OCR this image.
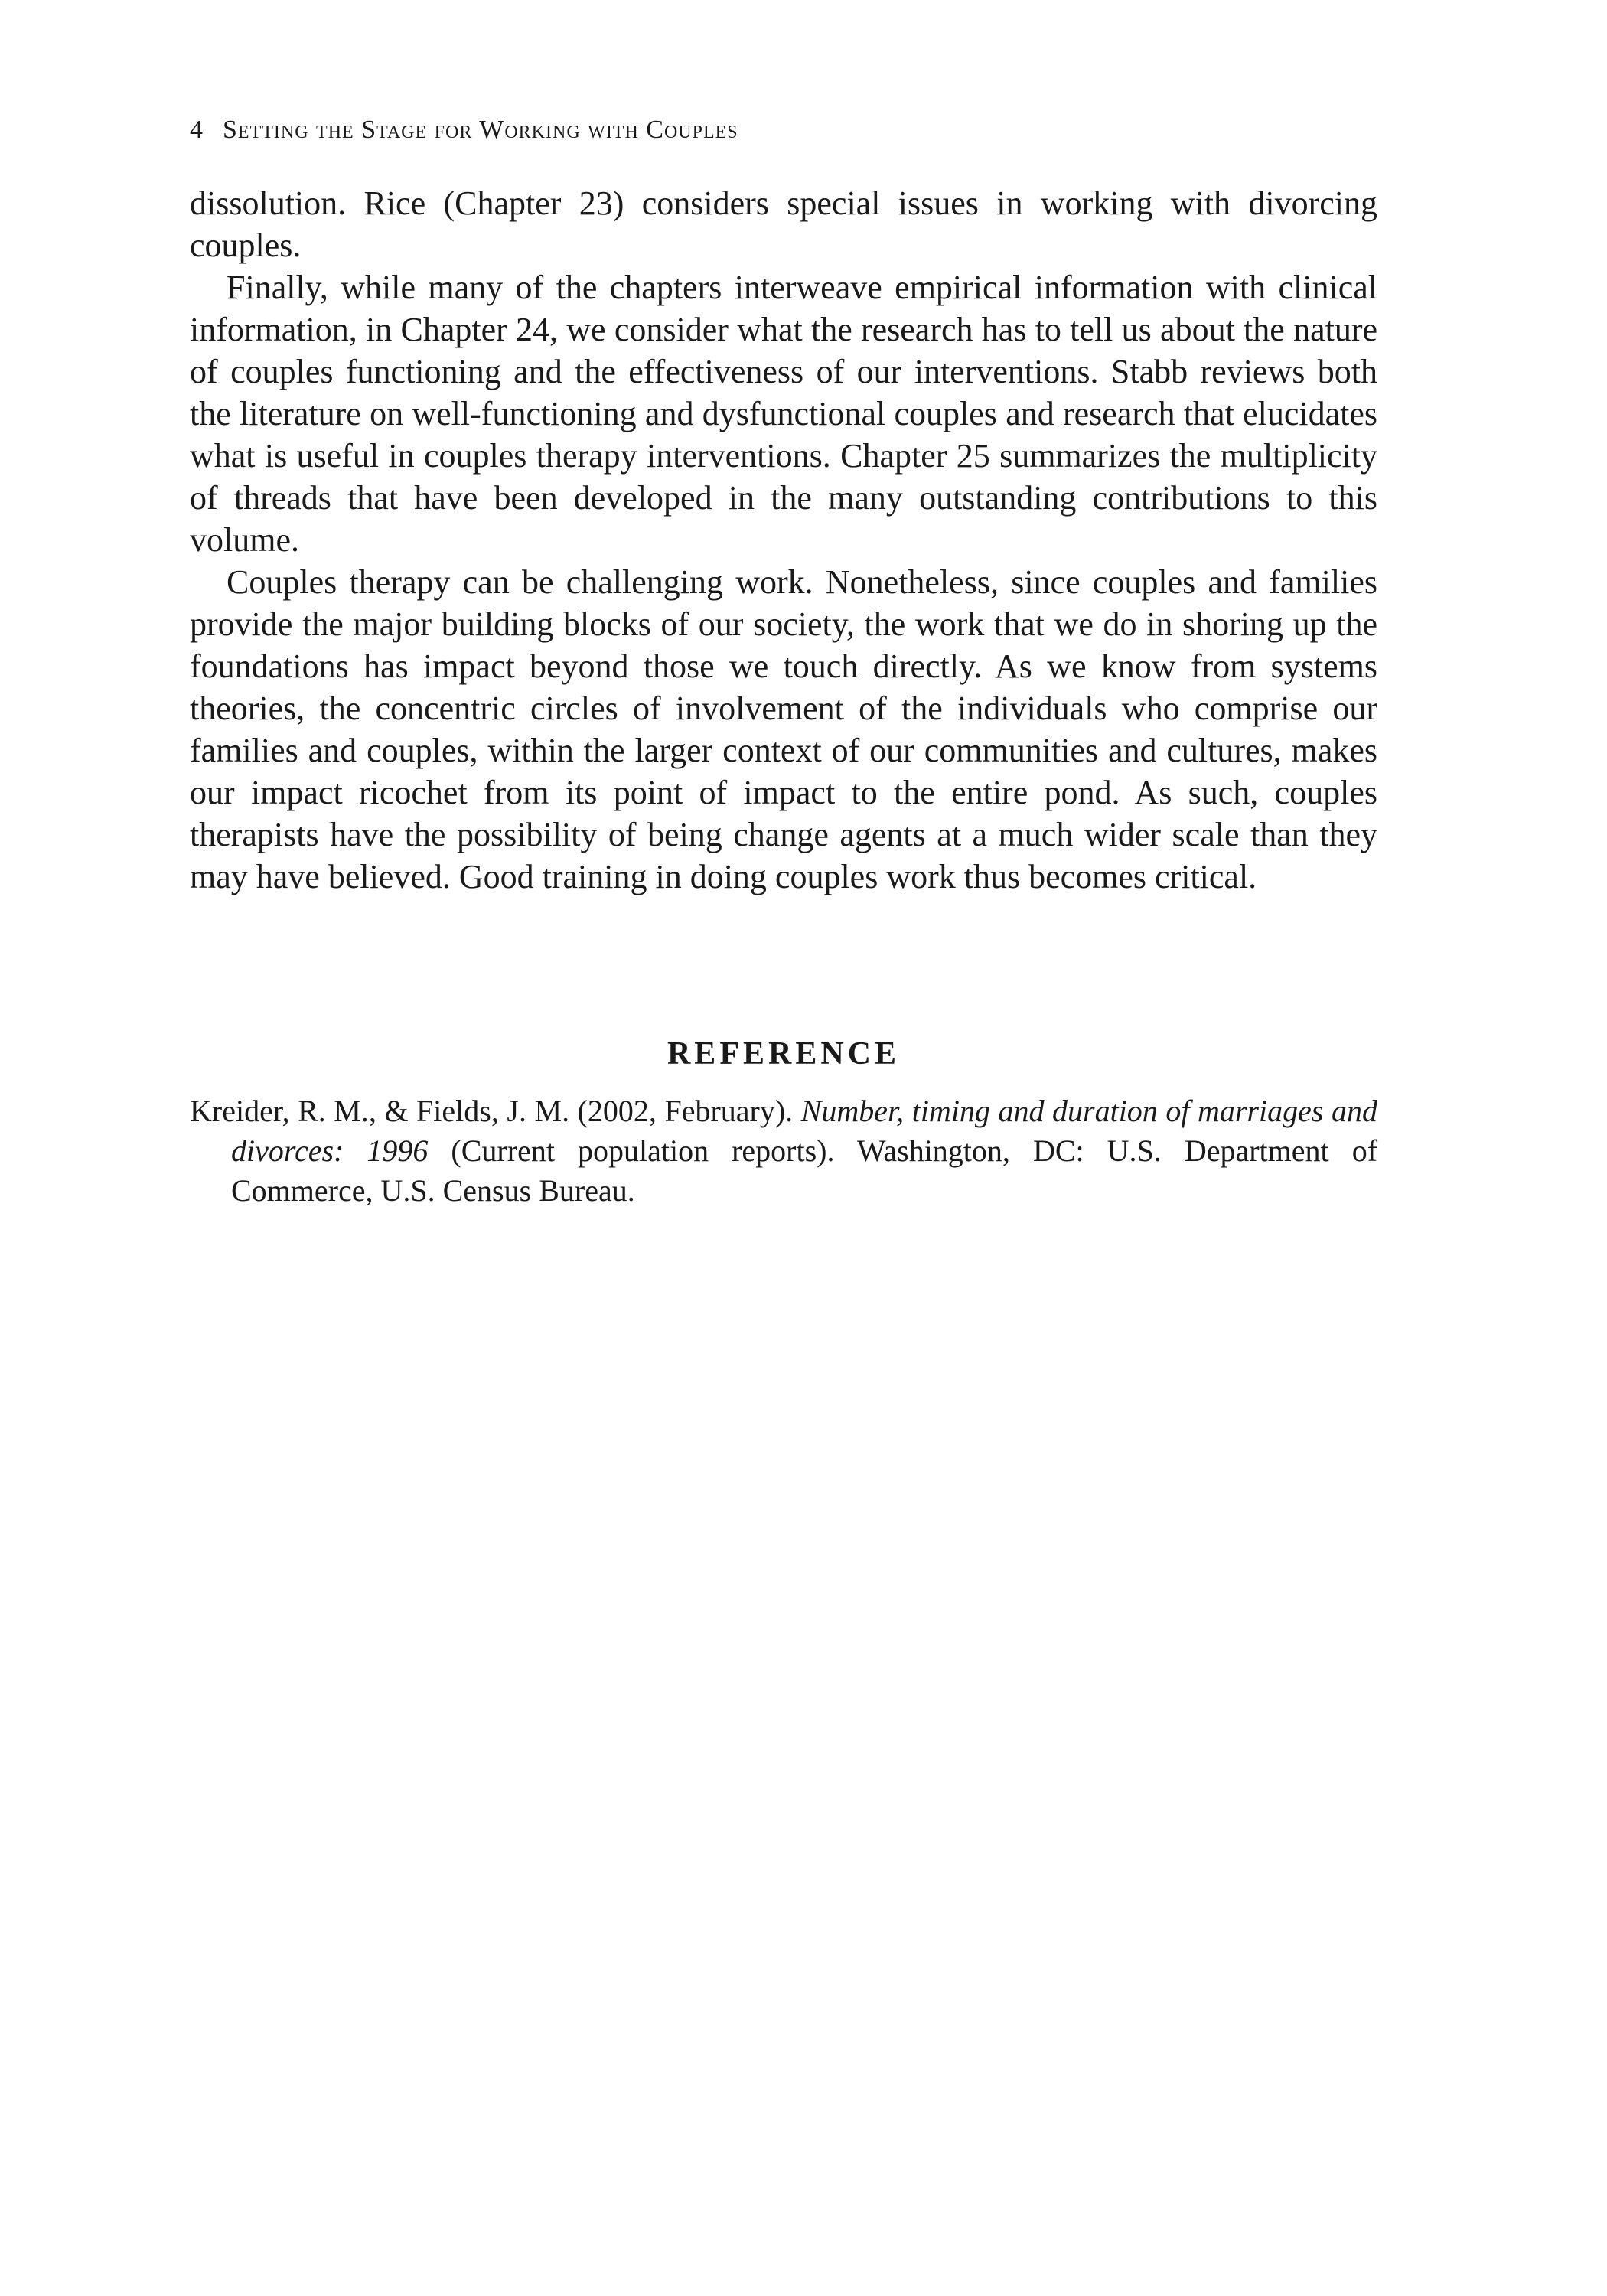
4 Setting the Stage for Working with Couples

dissolution. Rice (Chapter 23) considers special issues in working with divorcing couples.

Finally, while many of the chapters interweave empirical information with clinical information, in Chapter 24, we consider what the research has to tell us about the nature of couples functioning and the effectiveness of our interventions. Stabb reviews both the literature on well-functioning and dysfunctional couples and research that elucidates what is useful in couples therapy interventions. Chapter 25 summarizes the multiplicity of threads that have been developed in the many outstanding contributions to this volume.

Couples therapy can be challenging work. Nonetheless, since couples and families provide the major building blocks of our society, the work that we do in shoring up the foundations has impact beyond those we touch directly. As we know from systems theories, the concentric circles of involvement of the individuals who comprise our families and couples, within the larger context of our communities and cultures, makes our impact ricochet from its point of impact to the entire pond. As such, couples therapists have the possibility of being change agents at a much wider scale than they may have believed. Good training in doing couples work thus becomes critical.

REFERENCE

Kreider, R. M., & Fields, J. M. (2002, February). Number, timing and duration of marriages and divorces: 1996 (Current population reports). Washington, DC: U.S. Department of Commerce, U.S. Census Bureau.
